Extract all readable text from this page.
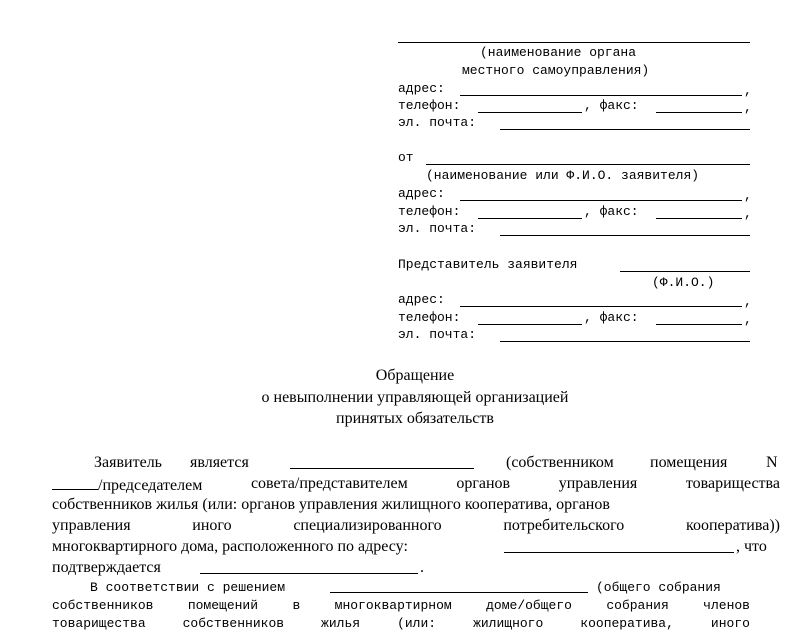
(наименование органа
местного самоуправления)
адрес:	,
телефон:	, факс:	,
эл. почта:
от
(наименование или Ф.И.О. заявителя)
адрес:	,
телефон:	, факс:	,
эл. почта:
Представитель заявителя
(Ф.И.О.)
адрес:	,
телефон:	, факс:	,
эл. почта:
Обращение
о невыполнении управляющей организацией
принятых обязательств
Заявитель является	(собственником помещения N
/председателем	совета/представителем	органов	управления	товарищества
собственников жилья (или: органов управления жилищного кооператива, органов
управления	иного	специализированного	потребительского	кооператива))
многоквартирного дома, расположенного по адресу:	, что
подтверждается	.
В соответствии с решением	(общего собрания
собственников	помещений	в	многоквартирном	доме/общего	собрания	членов
товарищества	собственников	жилья	(или:	жилищного	кооператива,	иного
